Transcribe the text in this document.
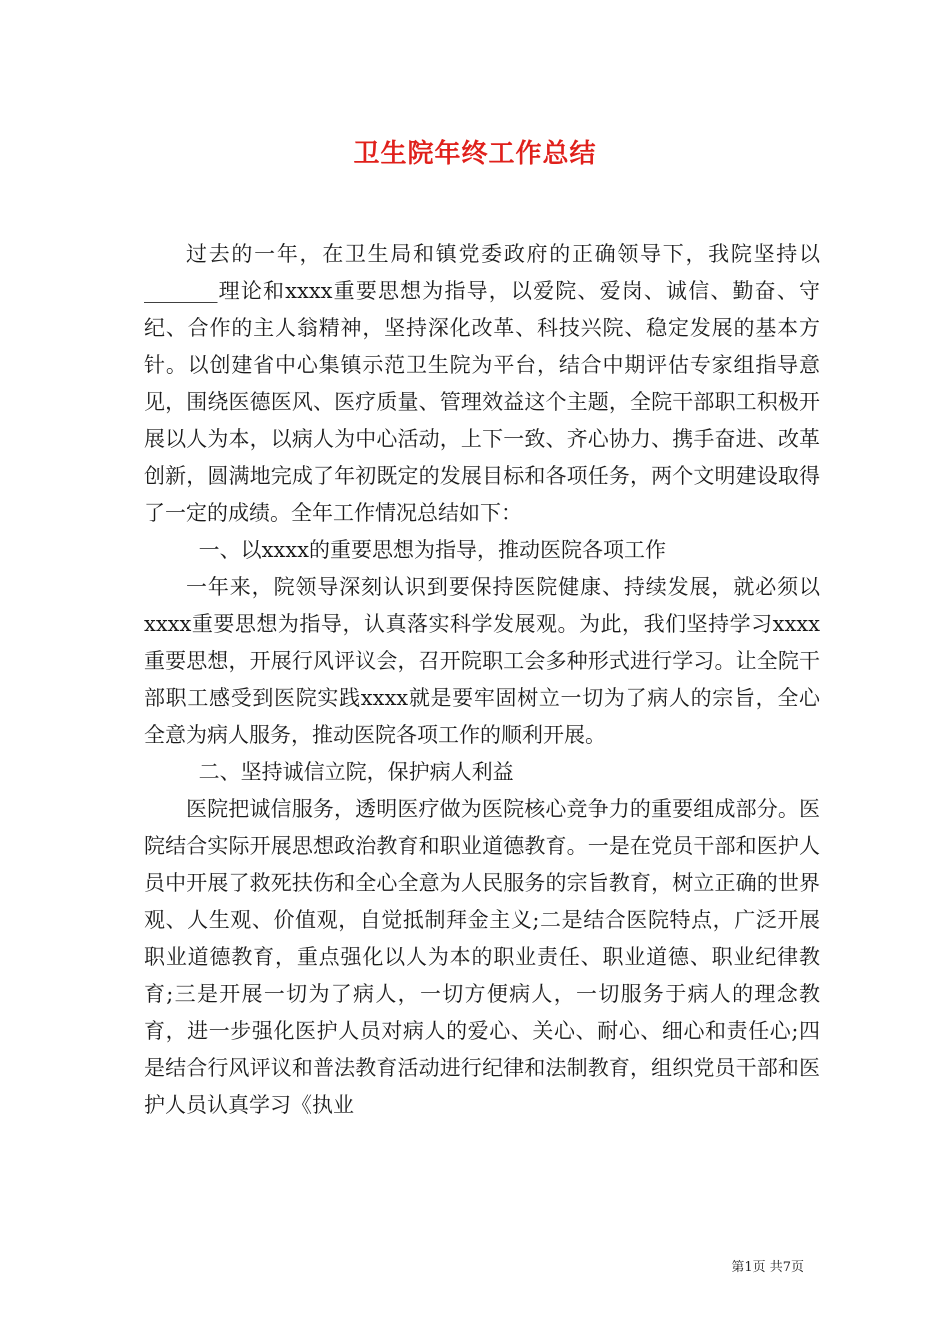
卫生院年终工作总结

过去的一年，在卫生局和镇党委政府的正确领导下，我院坚持以_______理论和xxxx重要思想为指导，以爱院、爱岗、诚信、勤奋、守纪、合作的主人翁精神，坚持深化改革、科技兴院、稳定发展的基本方针。以创建省中心集镇示范卫生院为平台，结合中期评估专家组指导意见，围绕医德医风、医疗质量、管理效益这个主题，全院干部职工积极开展以人为本，以病人为中心活动，上下一致、齐心协力、携手奋进、改革创新，圆满地完成了年初既定的发展目标和各项任务，两个文明建设取得了一定的成绩。全年工作情况总结如下：

一、以xxxx的重要思想为指导，推动医院各项工作

一年来，院领导深刻认识到要保持医院健康、持续发展，就必须以xxxx重要思想为指导，认真落实科学发展观。为此，我们坚持学习xxxx重要思想，开展行风评议会，召开院职工会多种形式进行学习。让全院干部职工感受到医院实践xxxx就是要牢固树立一切为了病人的宗旨，全心全意为病人服务，推动医院各项工作的顺利开展。

二、坚持诚信立院，保护病人利益

医院把诚信服务，透明医疗做为医院核心竞争力的重要组成部分。医院结合实际开展思想政治教育和职业道德教育。一是在党员干部和医护人员中开展了救死扶伤和全心全意为人民服务的宗旨教育，树立正确的世界观、人生观、价值观，自觉抵制拜金主义;二是结合医院特点，广泛开展职业道德教育，重点强化以人为本的职业责任、职业道德、职业纪律教育;三是开展一切为了病人，一切方便病人，一切服务于病人的理念教育，进一步强化医护人员对病人的爱心、关心、耐心、细心和责任心;四是结合行风评议和普法教育活动进行纪律和法制教育，组织党员干部和医护人员认真学习《执业

第1页 共7页
